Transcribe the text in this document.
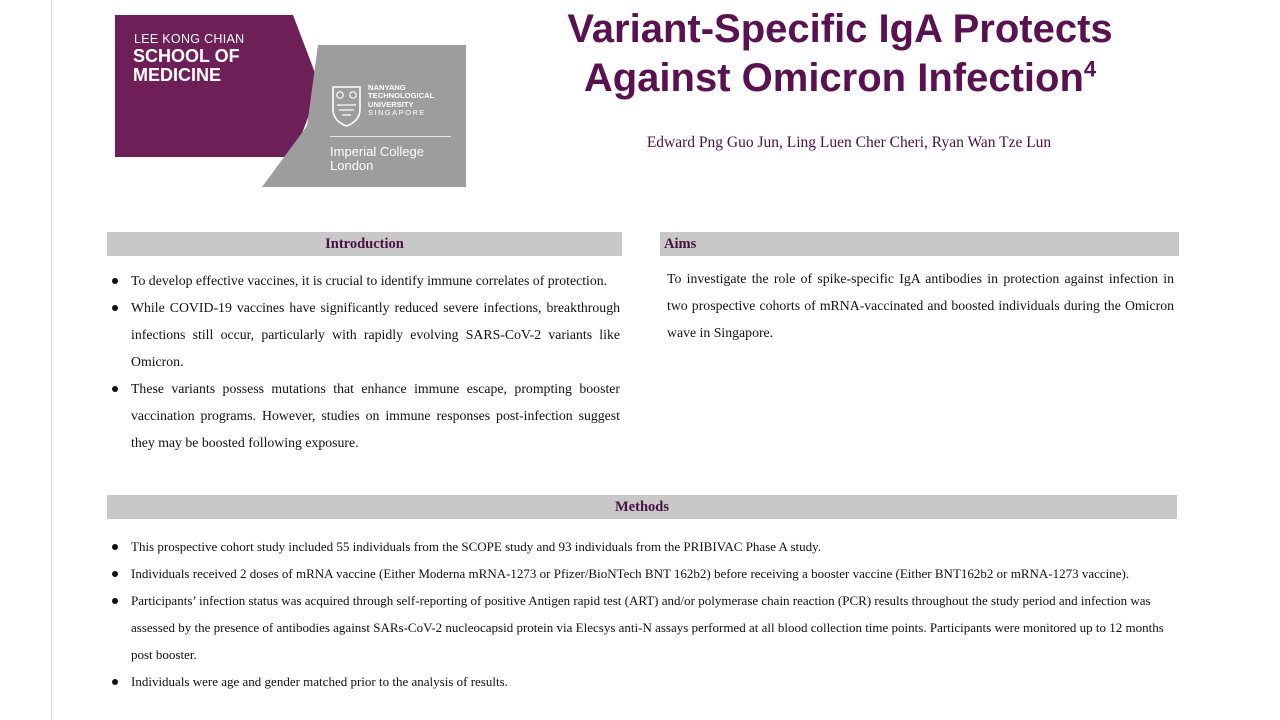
LEE KONG CHIAN
SCHOOL OF
MEDICINE
NANYANG
TECHNOLOGICAL
UNIVERSITY
SINGAPORE
Imperial College
London
Variant-Specific IgA Protects
Against Omicron Infection$^4$
Edward Png Guo Jun, Ling Luen Cher Cheri, Ryan Wan Tze Lun
Introduction
To develop effective vaccines, it is crucial to identify immune correlates of protection.
While COVID-19 vaccines have significantly reduced severe infections, breakthrough infections still occur, particularly with rapidly evolving SARS-CoV-2 variants like Omicron.
These variants possess mutations that enhance immune escape, prompting booster vaccination programs. However, studies on immune responses post-infection suggest they may be boosted following exposure.
Aims

To investigate the role of spike-specific IgA antibodies in protection against infection in two prospective cohorts of mRNA-vaccinated and boosted individuals during the Omicron wave in Singapore.

Methods
This prospective cohort study included 55 individuals from the SCOPE study and 93 individuals from the PRIBIVAC Phase A study.
Individuals received 2 doses of mRNA vaccine (Either Moderna mRNA-1273 or Pfizer/BioNTech BNT 162b2) before receiving a booster vaccine (Either BNT162b2 or mRNA-1273 vaccine).
Participants’ infection status was acquired through self-reporting of positive Antigen rapid test (ART) and/or polymerase chain reaction (PCR) results throughout the study period and infection was assessed by the presence of antibodies against SARs-CoV-2 nucleocapsid protein via Elecsys anti-N assays performed at all blood collection time points. Participants were monitored up to 12 months post booster.
Individuals were age and gender matched prior to the analysis of results.
